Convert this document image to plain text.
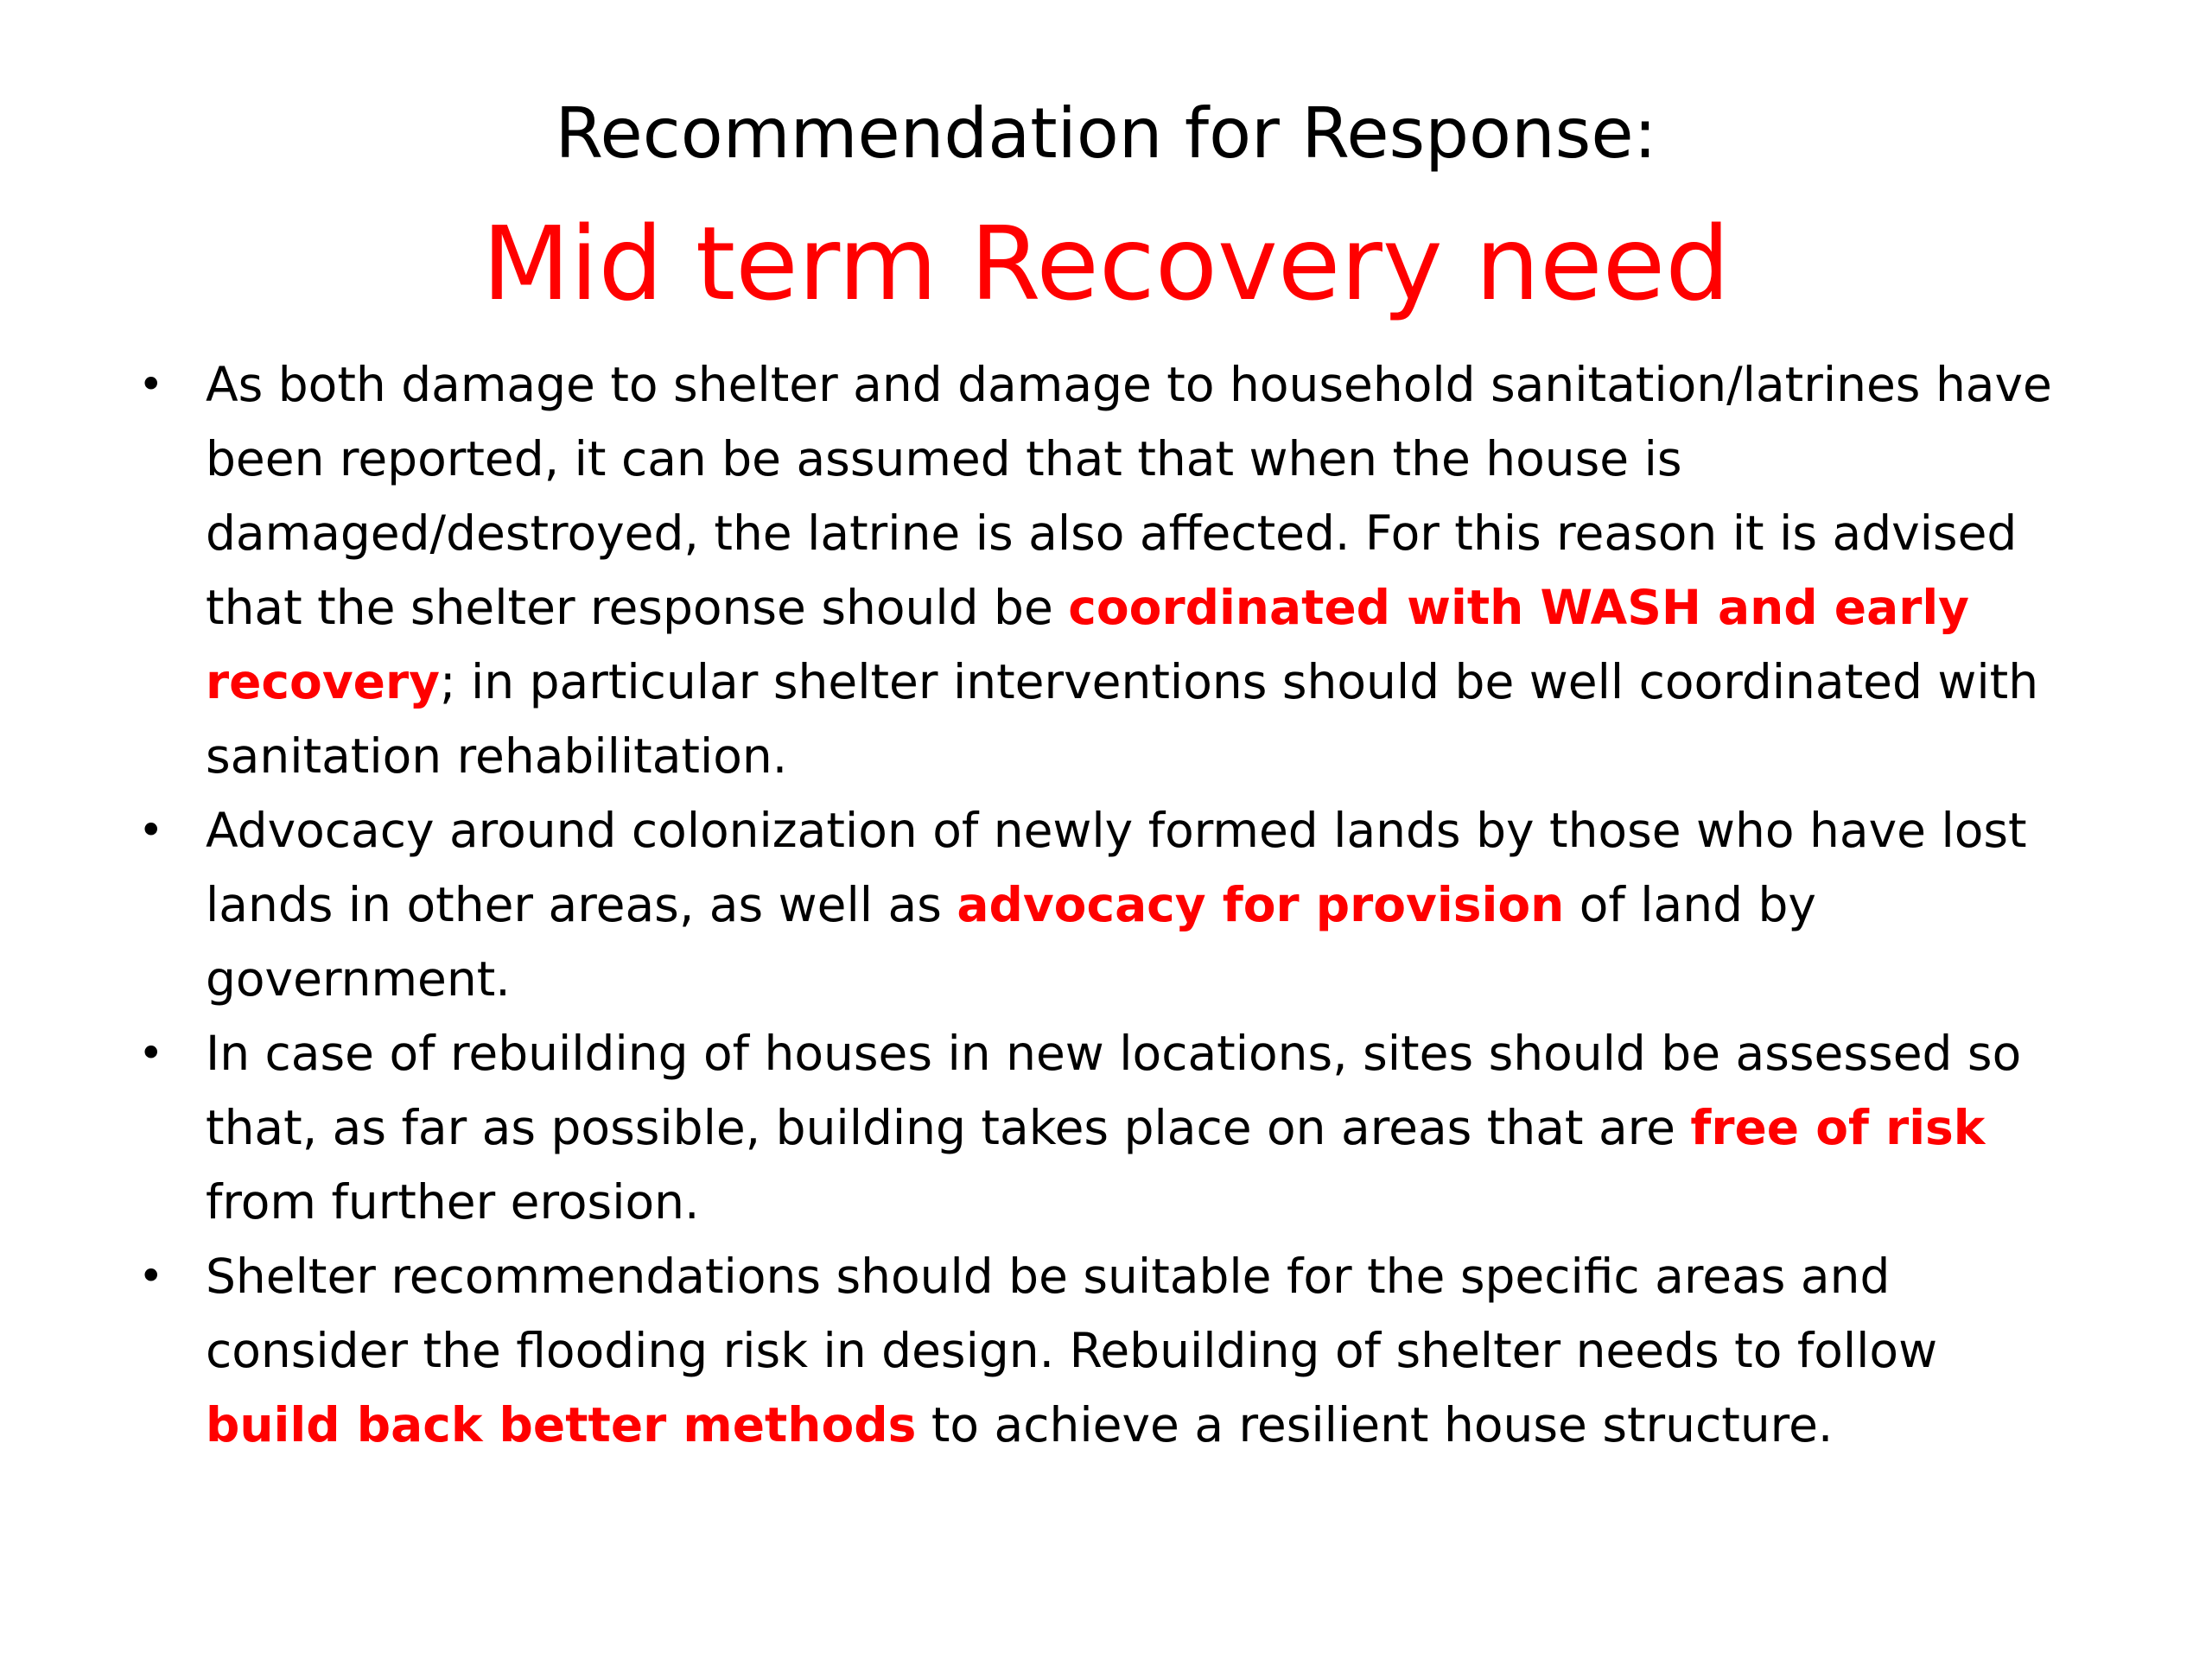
Recommendation for Response:
Mid term Recovery need
• As both damage to shelter and damage to household sanitation/latrines have been reported, it can be assumed that that when the house is damaged/destroyed, the latrine is also affected. For this reason it is advised that the shelter response should be coordinated with WASH and early recovery; in particular shelter interventions should be well coordinated with sanitation rehabilitation.
• Advocacy around colonization of newly formed lands by those who have lost lands in other areas, as well as advocacy for provision of land by government.
• In case of rebuilding of houses in new locations, sites should be assessed so that, as far as possible, building takes place on areas that are free of risk from further erosion.
• Shelter recommendations should be suitable for the specific areas and consider the flooding risk in design. Rebuilding of shelter needs to follow build back better methods to achieve a resilient house structure.
